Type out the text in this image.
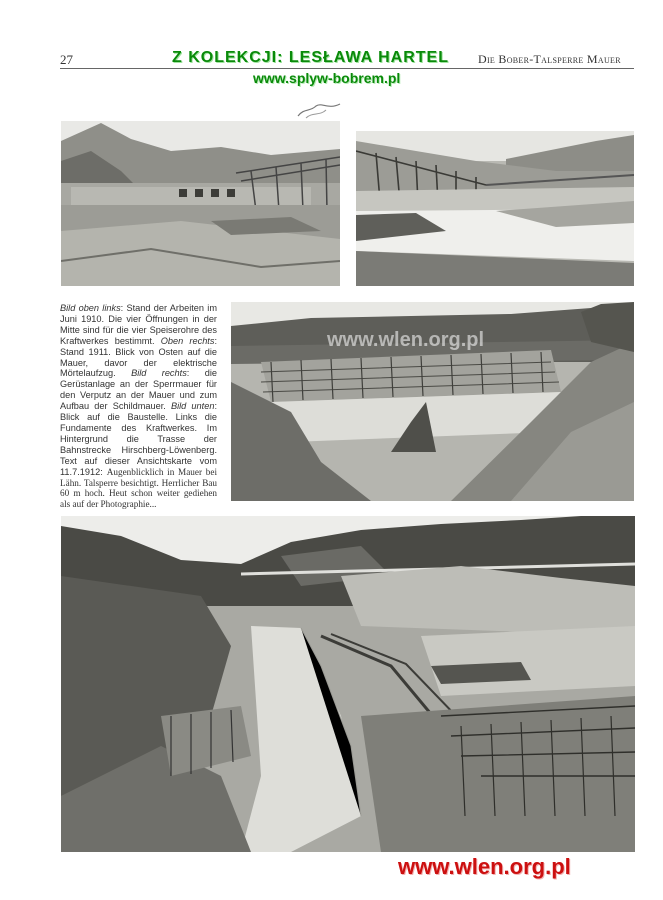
27	Z KOLEKCJI: LESŁAWA HARTEL
www.splyw-bobrem.pl
Die Bober-Talsperre Mauer
Bild oben links: Stand der Arbeiten im Juni 1910. Die vier Öffnungen in der Mitte sind für die vier Speiserohre des Kraftwerkes bestimmt. Oben rechts: Stand 1911. Blick von Osten auf die Mauer, davor der elektrische Mörtelaufzug. Bild rechts: die Gerüstanlage an der Sperrmauer für den Verputz an der Mauer und zum Aufbau der Schildmauer. Bild unten: Blick auf die Baustelle. Links die Fundamente des Kraftwerkes. Im Hintergrund die Trasse der Bahnstrecke Hirschberg-Löwenberg. Text auf dieser Ansichtskarte vom 11.7.1912: Augenblicklich in Mauer bei Lähn. Talsperre besichtigt. Herrlicher Bau 60 m hoch. Heut schon weiter gediehen als auf der Photographie...
www.wlen.org.pl
www.wlen.org.pl
